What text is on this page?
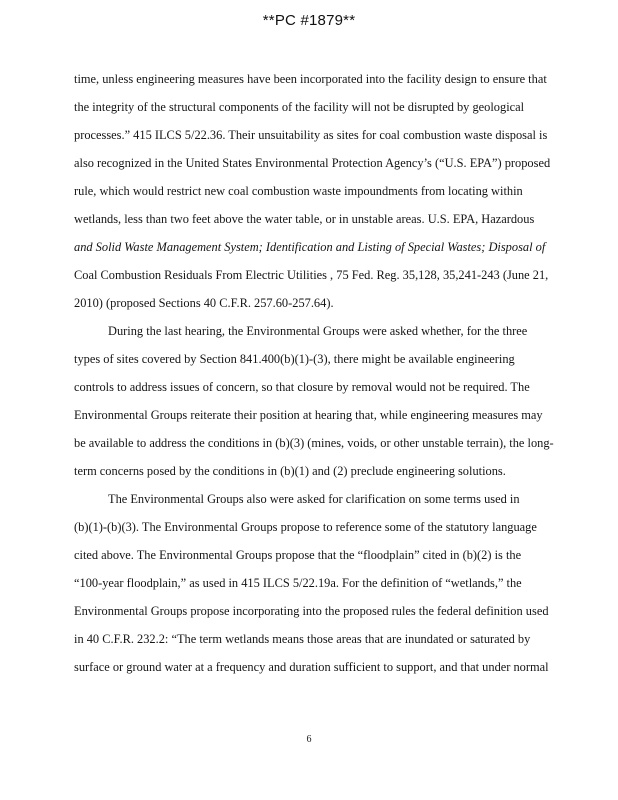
**PC #1879**
time, unless engineering measures have been incorporated into the facility design to ensure that
the integrity of the structural components of the facility will not be disrupted by geological
processes.” 415 ILCS 5/22.36. Their unsuitability as sites for coal combustion waste disposal is
also recognized in the United States Environmental Protection Agency’s (“U.S. EPA”) proposed
rule, which would restrict new coal combustion waste impoundments from locating within
wetlands, less than two feet above the water table, or in unstable areas. U.S. EPA, Hazardous
and Solid Waste Management System; Identification and Listing of Special Wastes; Disposal of
Coal Combustion Residuals From Electric Utilities , 75 Fed. Reg. 35,128, 35,241-243 (June 21,
2010) (proposed Sections 40 C.F.R. 257.60-257.64).
During the last hearing, the Environmental Groups were asked whether, for the three
types of sites covered by Section 841.400(b)(1)-(3), there might be available engineering
controls to address issues of concern, so that closure by removal would not be required. The
Environmental Groups reiterate their position at hearing that, while engineering measures may
be available to address the conditions in (b)(3) (mines, voids, or other unstable terrain), the long-
term concerns posed by the conditions in (b)(1) and (2) preclude engineering solutions.
The Environmental Groups also were asked for clarification on some terms used in
(b)(1)-(b)(3). The Environmental Groups propose to reference some of the statutory language
cited above. The Environmental Groups propose that the “floodplain” cited in (b)(2) is the
“100-year floodplain,” as used in 415 ILCS 5/22.19a. For the definition of “wetlands,” the
Environmental Groups propose incorporating into the proposed rules the federal definition used
in 40 C.F.R. 232.2: “The term wetlands means those areas that are inundated or saturated by
surface or ground water at a frequency and duration sufficient to support, and that under normal
6
